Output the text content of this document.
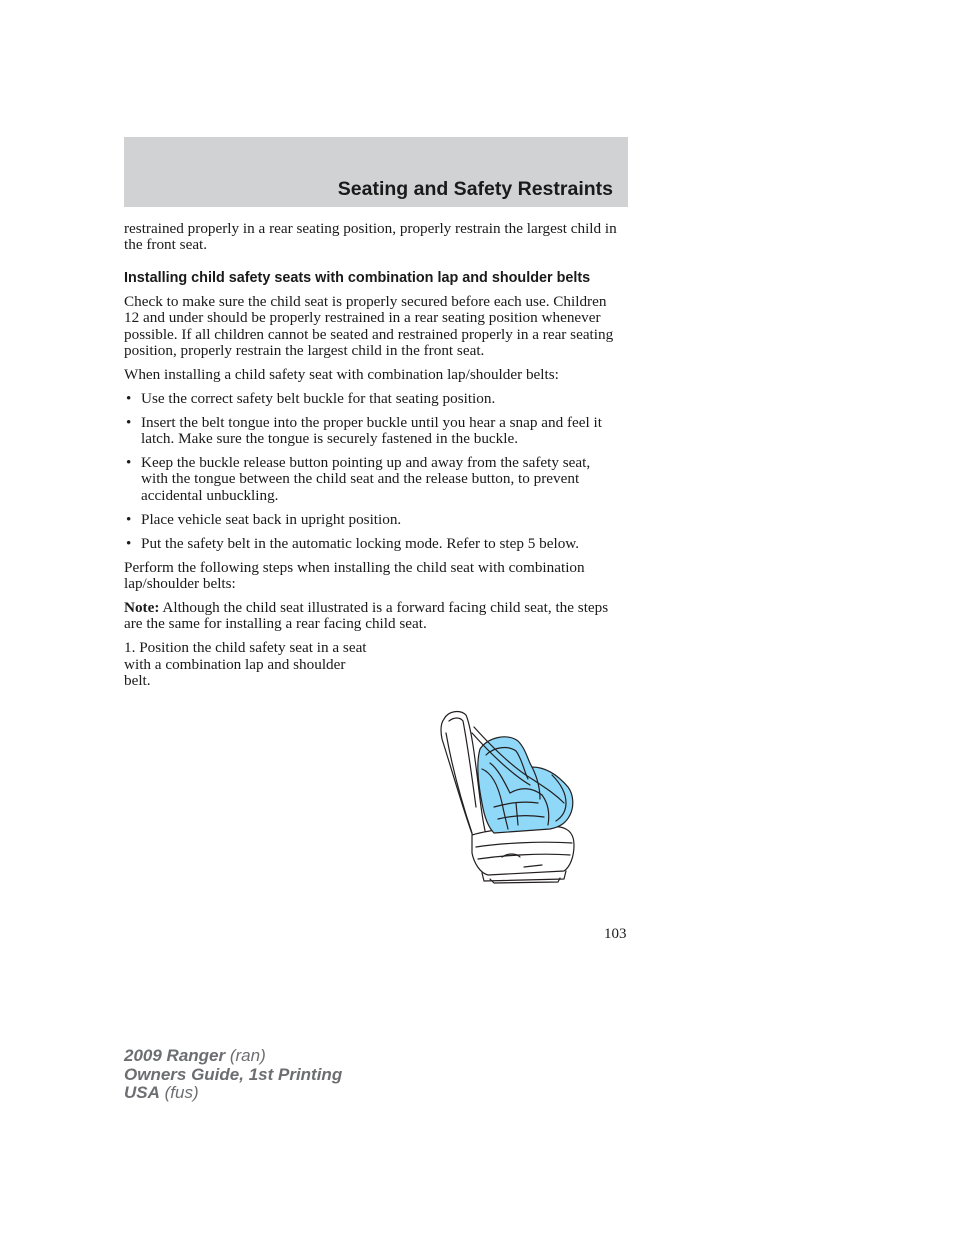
Seating and Safety Restraints

restrained properly in a rear seating position, properly restrain the largest child in the front seat.

Installing child safety seats with combination lap and shoulder belts

Check to make sure the child seat is properly secured before each use. Children 12 and under should be properly restrained in a rear seating position whenever possible. If all children cannot be seated and restrained properly in a rear seating position, properly restrain the largest child in the front seat.

When installing a child safety seat with combination lap/shoulder belts:

• Use the correct safety belt buckle for that seating position.
• Insert the belt tongue into the proper buckle until you hear a snap and feel it latch. Make sure the tongue is securely fastened in the buckle.
• Keep the buckle release button pointing up and away from the safety seat, with the tongue between the child seat and the release button, to prevent accidental unbuckling.
• Place vehicle seat back in upright position.
• Put the safety belt in the automatic locking mode. Refer to step 5 below.

Perform the following steps when installing the child seat with combination lap/shoulder belts:

Note: Although the child seat illustrated is a forward facing child seat, the steps are the same for installing a rear facing child seat.

1. Position the child safety seat in a seat with a combination lap and shoulder belt.

103
2009 Ranger (ran)
Owners Guide, 1st Printing
USA (fus)
